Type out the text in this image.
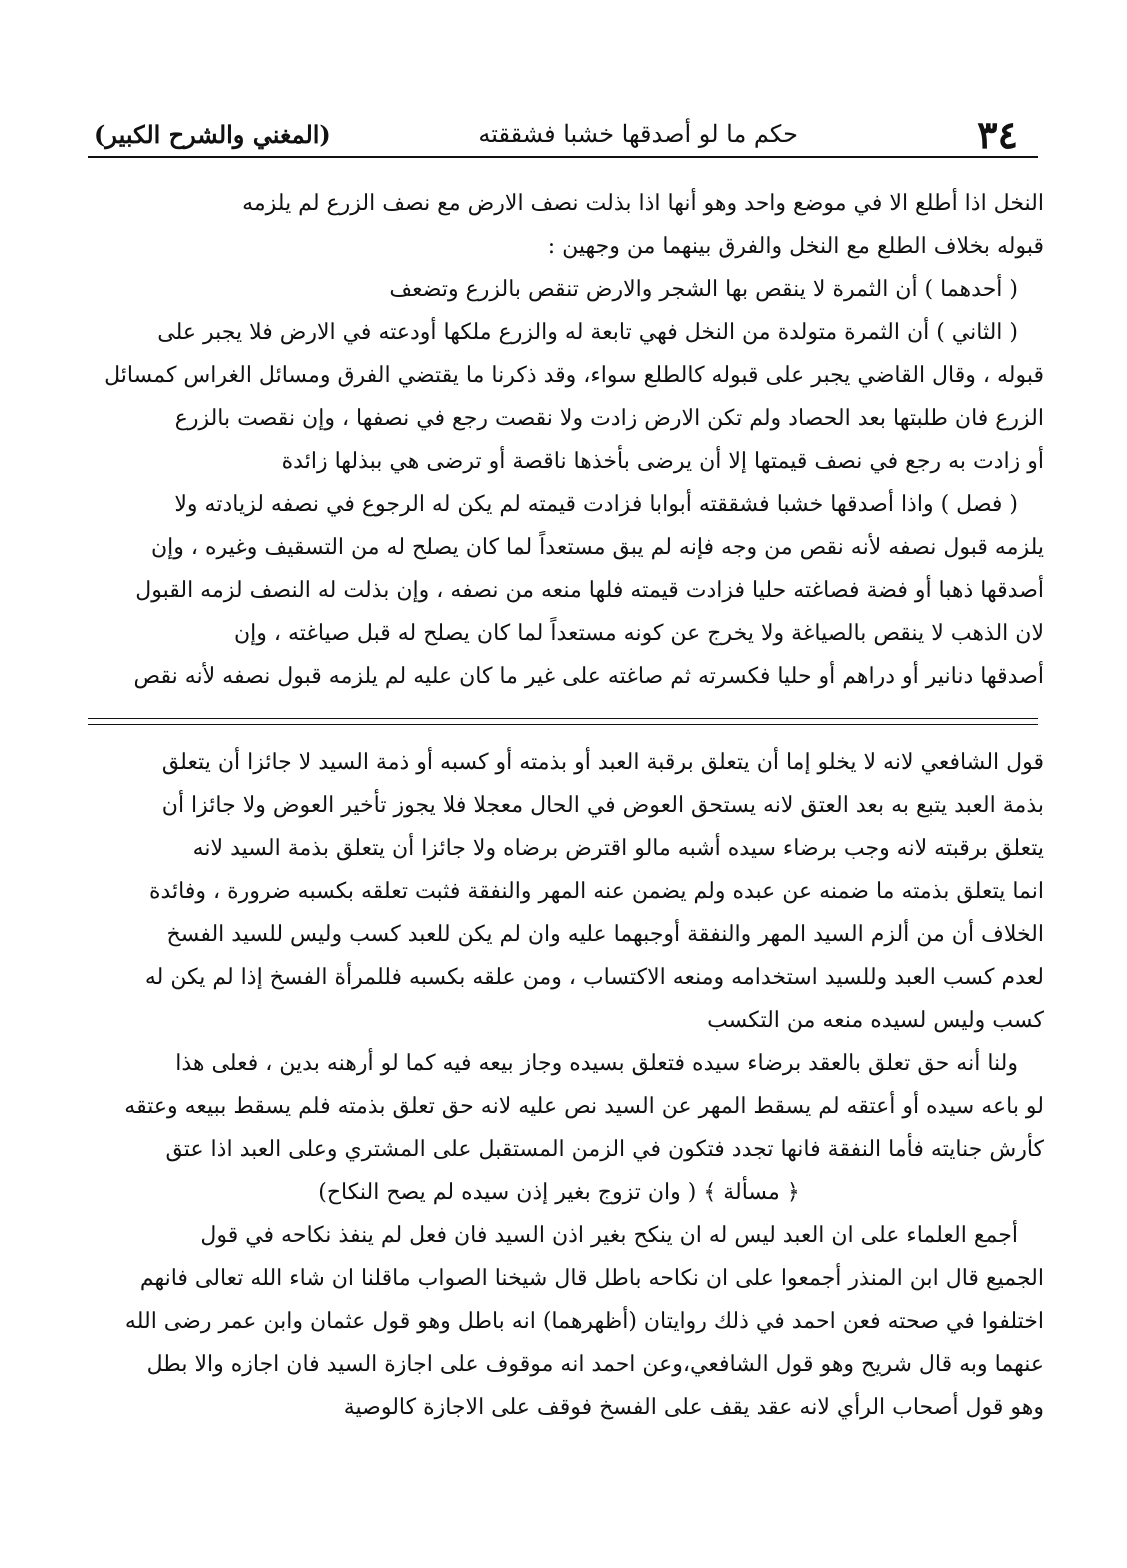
٣٤
حكم ما لو أصدقها خشبا فشققته
(المغني والشرح الكبير)

النخل اذا أطلع الا في موضع واحد وهو أنها اذا بذلت نصف الارض مع نصف الزرع لم يلزمه

قبوله بخلاف الطلع مع النخل والفرق بينهما من وجهين :

( أحدهما ) أن الثمرة لا ينقص بها الشجر والارض تنقص بالزرع وتضعف

( الثاني ) أن الثمرة متولدة من النخل فهي تابعة له والزرع ملكها أودعته في الارض فلا يجبر على

قبوله ، وقال القاضي يجبر على قبوله كالطلع سواء، وقد ذكرنا ما يقتضي الفرق ومسائل الغراس كمسائل

الزرع فان طلبتها بعد الحصاد ولم تكن الارض زادت ولا نقصت رجع في نصفها ، وإن نقصت بالزرع

أو زادت به رجع في نصف قيمتها إلا أن يرضى بأخذها ناقصة أو ترضى هي ببذلها زائدة

( فصل ) واذا أصدقها خشبا فشققته أبوابا فزادت قيمته لم يكن له الرجوع في نصفه لزيادته ولا

يلزمه قبول نصفه لأنه نقص من وجه فإنه لم يبق مستعداً لما كان يصلح له من التسقيف وغيره ، وإن

أصدقها ذهبا أو فضة فصاغته حليا فزادت قيمته فلها منعه من نصفه ، وإن بذلت له النصف لزمه القبول

لان الذهب لا ينقص بالصياغة ولا يخرج عن كونه مستعداً لما كان يصلح له قبل صياغته ، وإن

أصدقها دنانير أو دراهم أو حليا فكسرته ثم صاغته على غير ما كان عليه لم يلزمه قبول نصفه لأنه نقص

قول الشافعي لانه لا يخلو إما أن يتعلق برقبة العبد أو بذمته أو كسبه أو ذمة السيد لا جائزا أن يتعلق

بذمة العبد يتبع به بعد العتق لانه يستحق العوض في الحال معجلا فلا يجوز تأخير العوض ولا جائزا أن

يتعلق برقبته لانه وجب برضاء سيده أشبه مالو اقترض برضاه ولا جائزا أن يتعلق بذمة السيد لانه

انما يتعلق بذمته ما ضمنه عن عبده ولم يضمن عنه المهر والنفقة فثبت تعلقه بكسبه ضرورة ، وفائدة

الخلاف أن من ألزم السيد المهر والنفقة أوجبهما عليه وان لم يكن للعبد كسب وليس للسيد الفسخ

لعدم كسب العبد وللسيد استخدامه ومنعه الاكتساب ، ومن علقه بكسبه فللمرأة الفسخ إذا لم يكن له

كسب وليس لسيده منعه من التكسب

ولنا أنه حق تعلق بالعقد برضاء سيده فتعلق بسيده وجاز بيعه فيه كما لو أرهنه بدين ، فعلى هذا

لو باعه سيده أو أعتقه لم يسقط المهر عن السيد نص عليه لانه حق تعلق بذمته فلم يسقط ببيعه وعتقه

كأرش جنايته فأما النفقة فانها تجدد فتكون في الزمن المستقبل على المشتري وعلى العبد اذا عتق

﴿ مسألة ﴾ ( وان تزوج بغير إذن سيده لم يصح النكاح)

أجمع العلماء على ان العبد ليس له ان ينكح بغير اذن السيد فان فعل لم ينفذ نكاحه في قول

الجميع قال ابن المنذر أجمعوا على ان نكاحه باطل قال شيخنا الصواب ماقلنا ان شاء الله تعالى فانهم

اختلفوا في صحته فعن احمد في ذلك روايتان (أظهرهما) انه باطل وهو قول عثمان وابن عمر رضى الله

عنهما وبه قال شريح وهو قول الشافعي،وعن احمد انه موقوف على اجازة السيد فان اجازه والا بطل

وهو قول أصحاب الرأي لانه عقد يقف على الفسخ فوقف على الاجازة كالوصية
